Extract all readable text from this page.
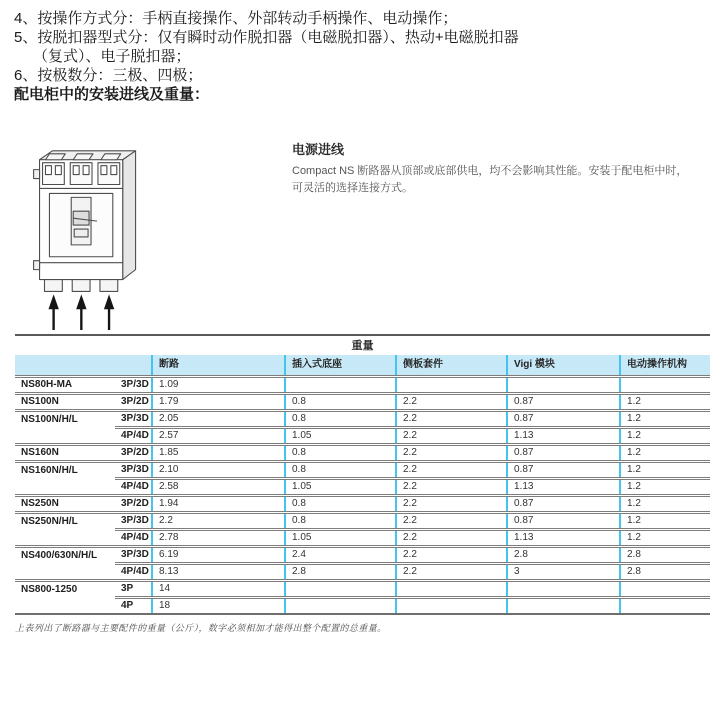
4、按操作方式分：手柄直接操作、外部转动手柄操作、电动操作；

5、按脱扣器型式分：仅有瞬时动作脱扣器（电磁脱扣器）、热动+电磁脱扣器

（复式）、电子脱扣器；

6、按极数分：三极、四极；

配电柜中的安装进线及重量：

电源进线
Compact NS 断路器从顶部或底部供电，均不会影响其性能。安装于配电柜中时，可灵活的选择连接方式。
重量
		断路	插入式底座	侧板套件	Vigi 模块	电动操作机构
NS80H-MA	3P/3D	1.09				
NS100N	3P/2D	1.79	0.8	2.2	0.87	1.2
NS100N/H/L	3P/3D	2.05	0.8	2.2	0.87	1.2
	4P/4D	2.57	1.05	2.2	1.13	1.2
NS160N	3P/2D	1.85	0.8	2.2	0.87	1.2
NS160N/H/L	3P/3D	2.10	0.8	2.2	0.87	1.2
	4P/4D	2.58	1.05	2.2	1.13	1.2
NS250N	3P/2D	1.94	0.8	2.2	0.87	1.2
NS250N/H/L	3P/3D	2.2	0.8	2.2	0.87	1.2
	4P/4D	2.78	1.05	2.2	1.13	1.2
NS400/630N/H/L	3P/3D	6.19	2.4	2.2	2.8	2.8
	4P/4D	8.13	2.8	2.2	3	2.8
NS800-1250	3P	14				
	4P	18				

上表列出了断路器与主要配件的重量（公斤），数字必须相加才能得出整个配置的总重量。
